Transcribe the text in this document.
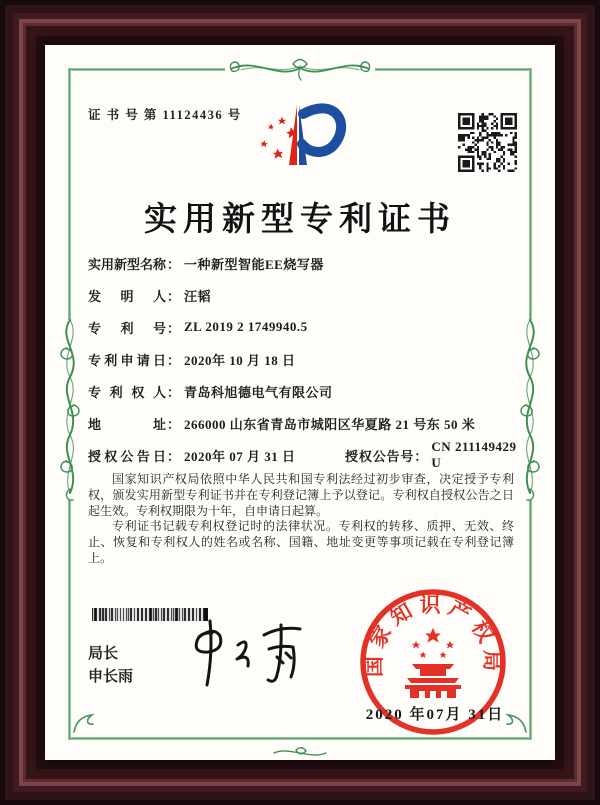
证 书 号 第 11124436 号
实用新型专利证书
实用新型名称 ： 一种新型智能EE烧写器
发明人 ： 汪韬
专利号 ： ZL 2019 2 1749940.5
专利申请日 ： 2020年 10 月 18 日
专利权人 ： 青岛科旭德电气有限公司
地址 ： 266000 山东省青岛市城阳区华夏路 21 号东 50 米
授权公告日 ： 2020年 07 月 31 日	授权公告号 ：
CN 211149429 U

国家知识产权局依照中华人民共和国专利法经过初步审查，决定授予专利权，颁发实用新型专利证书并在专利登记簿上予以登记。专利权自授权公告之日起生效。专利权期限为十年，自申请日起算。

专利证书记载专利权登记时的法律状况。专利权的转移、质押、无效、终止、恢复和专利权人的姓名或名称、国籍、地址变更等事项记载在专利登记簿上。

局长
申长雨	国家知识产权局
2020 年07月 31日
